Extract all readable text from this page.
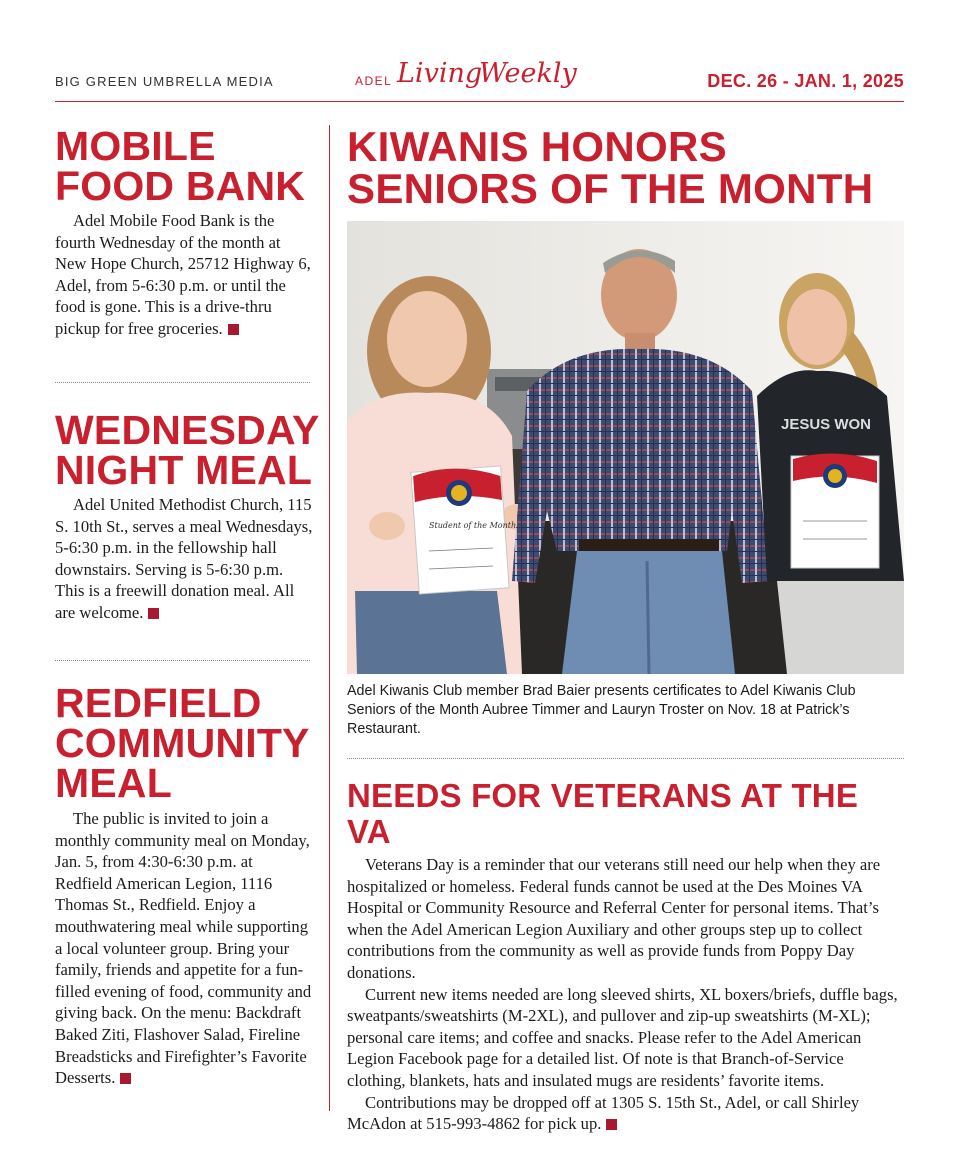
BIG GREEN UMBRELLA MEDIA	ADEL Living
Weekly	DEC. 26 - JAN. 1, 2025
MOBILE FOOD BANK

Adel Mobile Food Bank is the fourth Wednesday of the month at New Hope Church, 25712 Highway 6, Adel, from 5-6:30 p.m. or until the food is gone. This is a drive-thru pickup for free groceries.

WEDNESDAY NIGHT MEAL

Adel United Methodist Church, 115 S. 10th St., serves a meal Wednesdays, 5-6:30 p.m. in the fellowship hall downstairs. Serving is 5-6:30 p.m. This is a freewill donation meal. All are welcome.

REDFIELD COMMUNITY MEAL

The public is invited to join a monthly community meal on Monday, Jan. 5, from 4:30-6:30 p.m. at Redfield American Legion, 1116 Thomas St., Redfield. Enjoy a mouthwatering meal while supporting a local volunteer group. Bring your family, friends and appetite for a fun-filled evening of food, community and giving back. On the menu: Backdraft Baked Ziti, Flashover Salad, Fireline Breadsticks and Firefighter’s Favorite Desserts.

KIWANIS HONORS SENIORS OF THE MONTH
Student of the Month
JESUS WON
Adel Kiwanis Club member Brad Baier presents certificates to Adel Kiwanis Club Seniors of the Month Aubree Timmer and Lauryn Troster on Nov. 18 at Patrick’s Restaurant.
NEEDS FOR VETERANS AT THE VA

Veterans Day is a reminder that our veterans still need our help when they are hospitalized or homeless. Federal funds cannot be used at the Des Moines VA Hospital or Community Resource and Referral Center for personal items. That’s when the Adel American Legion Auxiliary and other groups step up to collect contributions from the community as well as provide funds from Poppy Day donations.

Current new items needed are long sleeved shirts, XL boxers/briefs, duffle bags, sweatpants/sweatshirts (M-2XL), and pullover and zip-up sweatshirts (M-XL); personal care items; and coffee and snacks. Please refer to the Adel American Legion Facebook page for a detailed list. Of note is that Branch-of-Service clothing, blankets, hats and insulated mugs are residents’ favorite items.

Contributions may be dropped off at 1305 S. 15th St., Adel, or call Shirley McAdon at 515-993-4862 for pick up.
